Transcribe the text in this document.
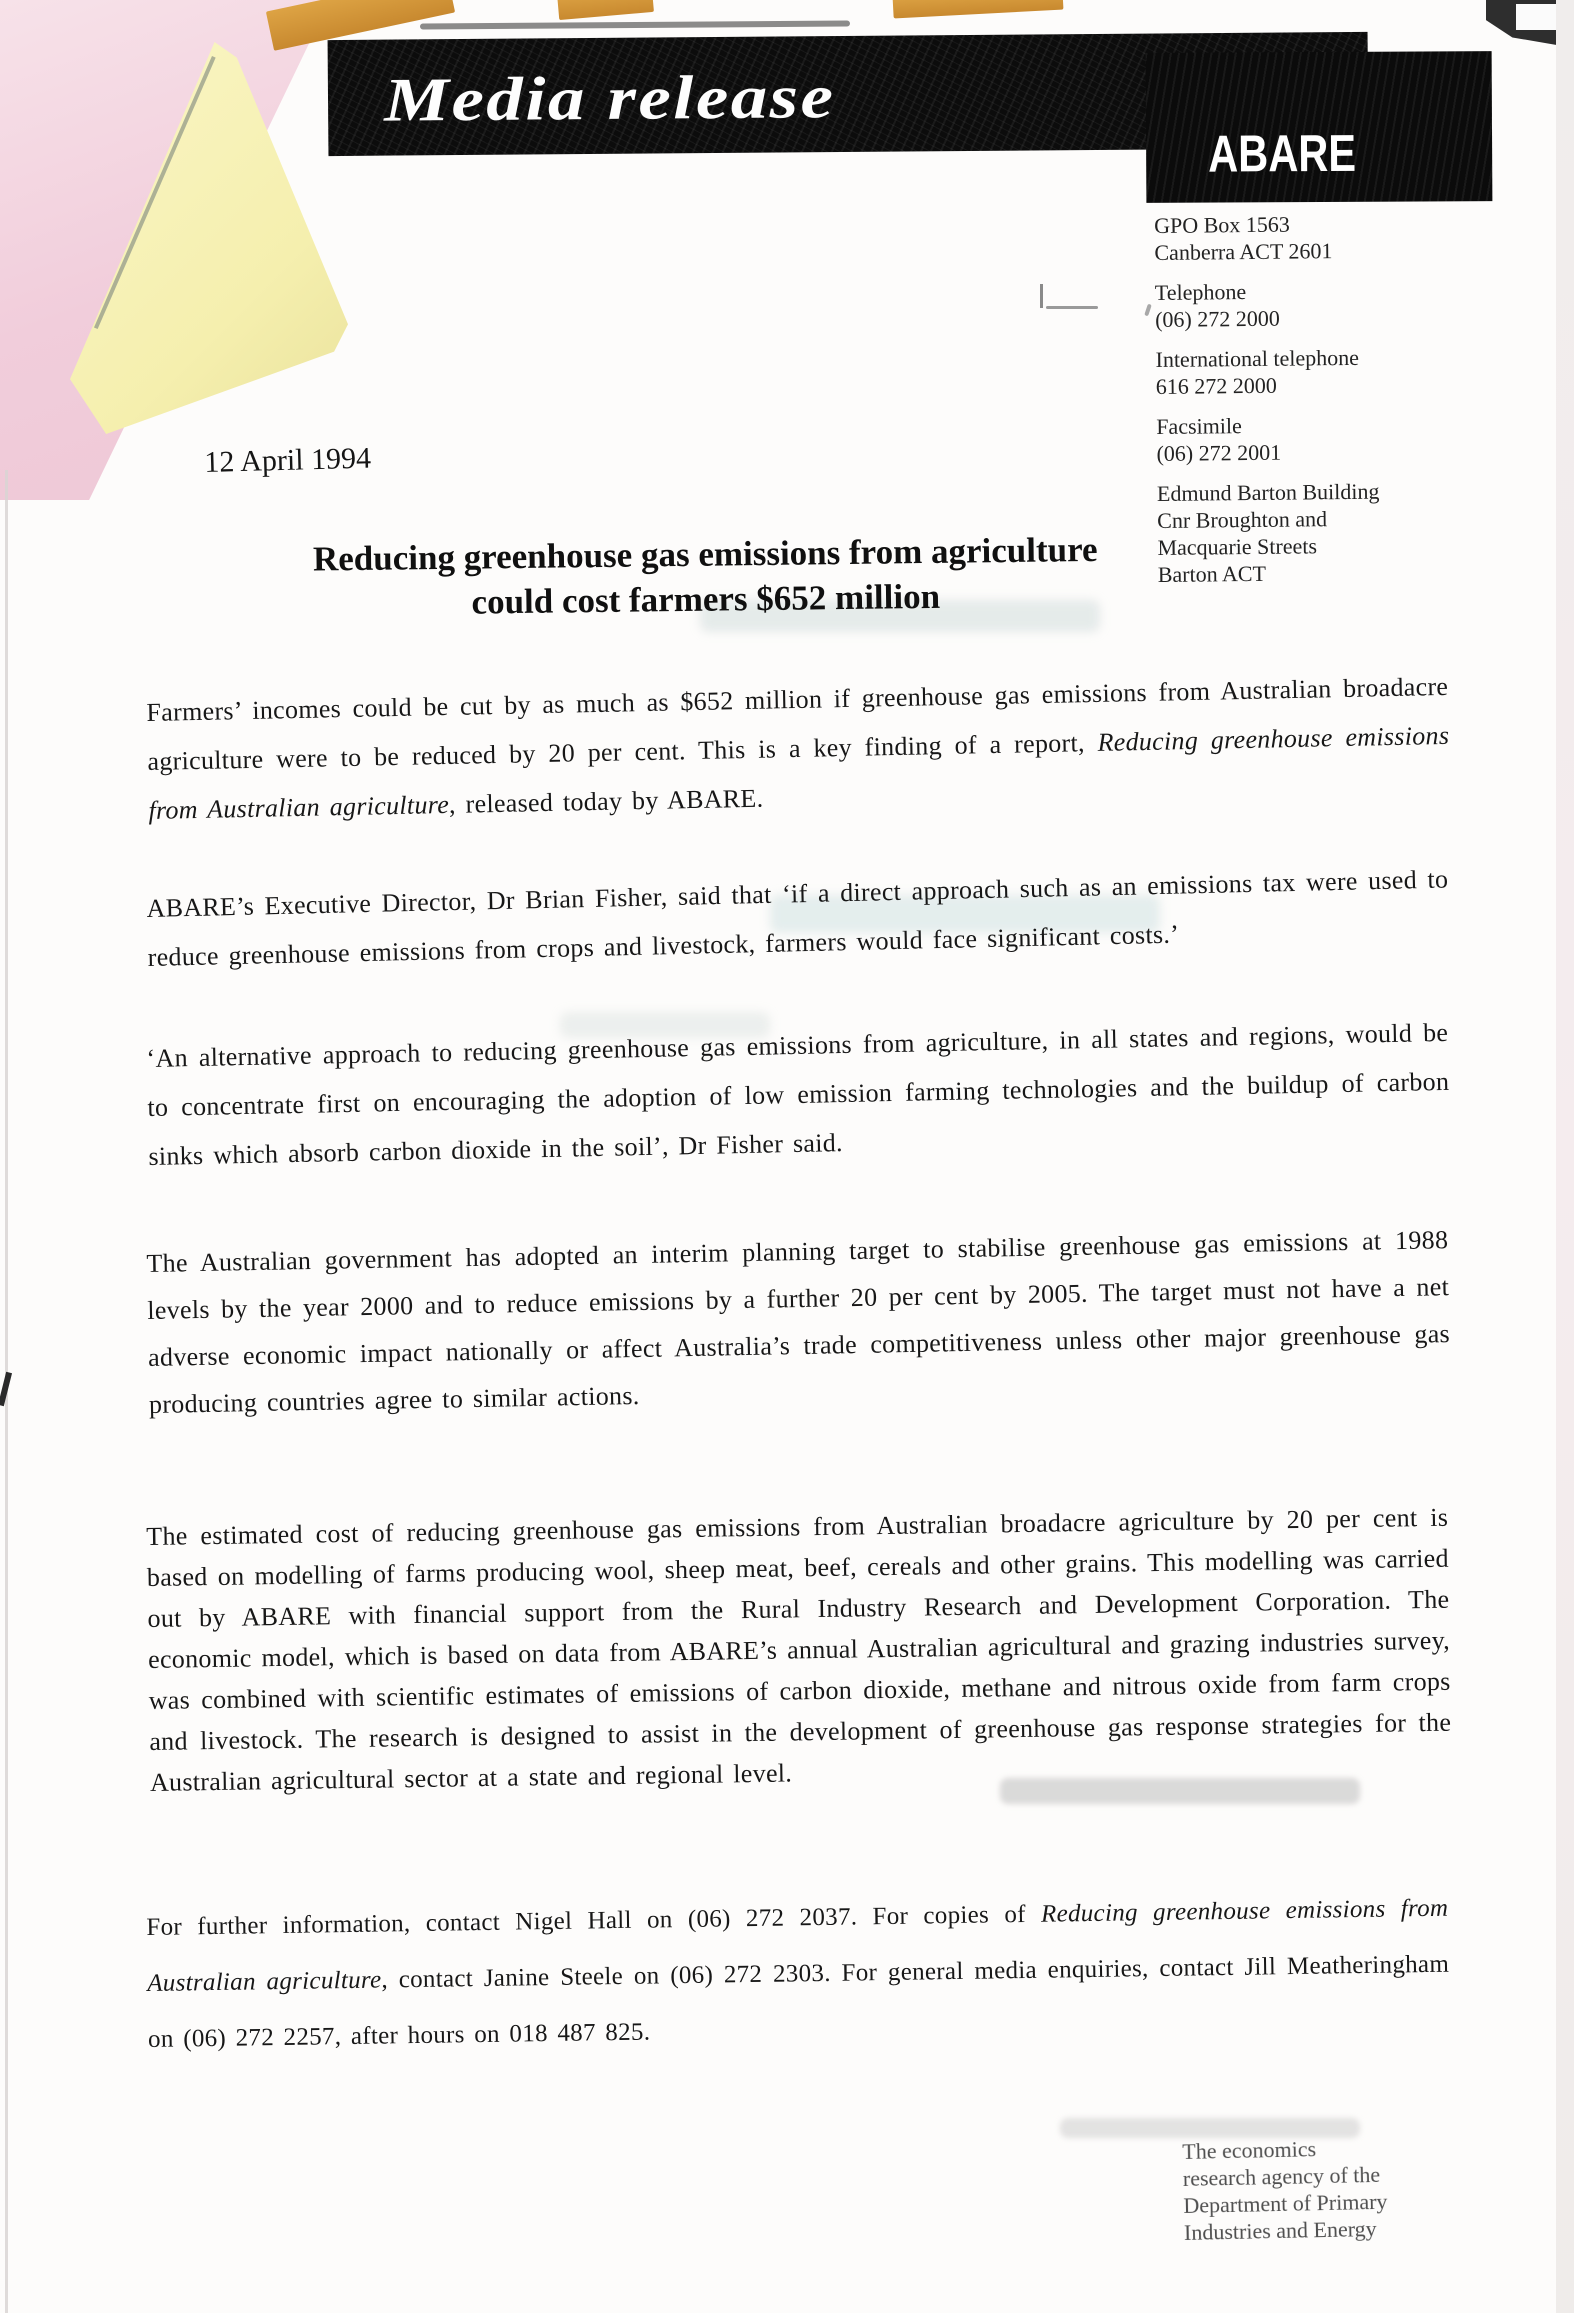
Media release
ABARE
GPO Box 1563
Canberra ACT 2601
Telephone
(06) 272 2000
International telephone
616 272 2000
Facsimile
(06) 272 2001
Edmund Barton Building
Cnr Broughton and
Macquarie Streets
Barton ACT
12 April 1994
Reducing greenhouse gas emissions from agriculture
could cost farmers $652 million
Farmers’ incomes could be cut by as much as $652 million if greenhouse gas emissions from Australian broadacre agriculture were to be reduced by 20 per cent. This is a key finding of a report, Reducing greenhouse emissions from Australian agriculture, released today by ABARE.
ABARE’s Executive Director, Dr Brian Fisher, said that ‘if a direct approach such as an emissions tax were used to reduce greenhouse emissions from crops and livestock, farmers would face significant costs.’
‘An alternative approach to reducing greenhouse gas emissions from agriculture, in all states and regions, would be to concentrate first on encouraging the adoption of low emission farming technologies and the buildup of carbon sinks which absorb carbon dioxide in the soil’, Dr Fisher said.
The Australian government has adopted an interim planning target to stabilise greenhouse gas emissions at 1988 levels by the year 2000 and to reduce emissions by a further 20 per cent by 2005. The target must not have a net adverse economic impact nationally or affect Australia’s trade competitiveness unless other major greenhouse gas producing countries agree to similar actions.
The estimated cost of reducing greenhouse gas emissions from Australian broadacre agriculture by 20 per cent is based on modelling of farms producing wool, sheep meat, beef, cereals and other grains. This modelling was carried out by ABARE with financial support from the Rural Industry Research and Development Corporation. The economic model, which is based on data from ABARE’s annual Australian agricultural and grazing industries survey, was combined with scientific estimates of emissions of carbon dioxide, methane and nitrous oxide from farm crops and livestock. The research is designed to assist in the development of greenhouse gas response strategies for the Australian agricultural sector at a state and regional level.
For further information, contact Nigel Hall on (06) 272 2037. For copies of Reducing greenhouse emissions from Australian agriculture, contact Janine Steele on (06) 272 2303. For general media enquiries, contact Jill Meatheringham on (06) 272 2257, after hours on 018 487 825.
The economics
research agency of the
Department of Primary
Industries and Energy
